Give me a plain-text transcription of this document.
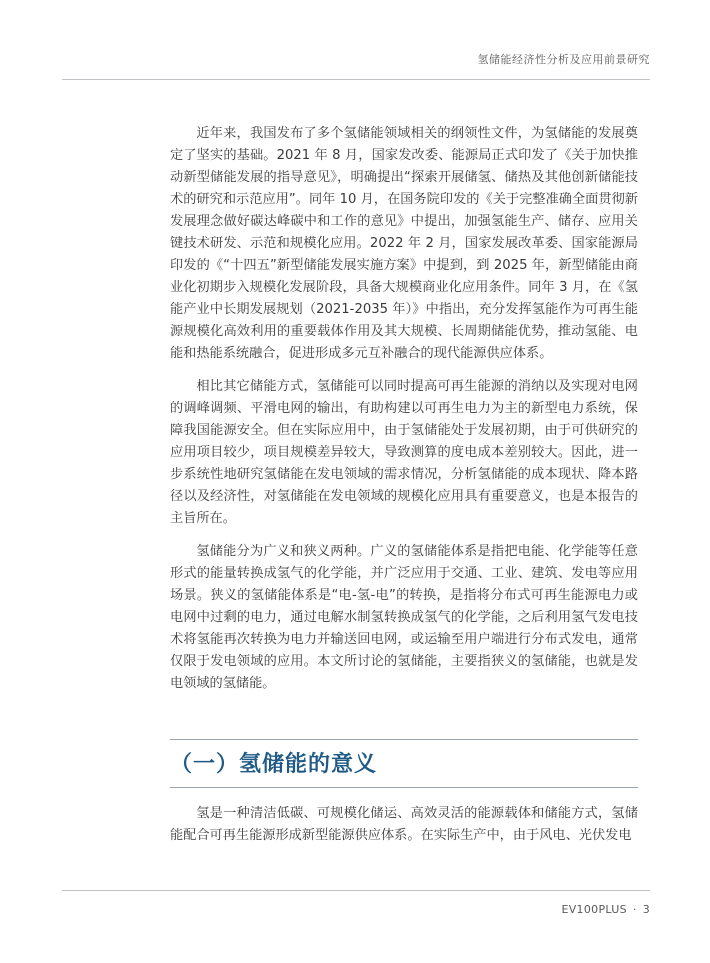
氢储能经济性分析及应用前景研究

近年来，我国发布了多个氢储能领域相关的纲领性文件，为氢储能的发展奠定了坚实的基础。2021 年 8 月，国家发改委、能源局正式印发了《关于加快推动新型储能发展的指导意见》，明确提出“探索开展储氢、储热及其他创新储能技术的研究和示范应用”。同年 10 月，在国务院印发的《关于完整准确全面贯彻新发展理念做好碳达峰碳中和工作的意见》中提出，加强氢能生产、储存、应用关键技术研发、示范和规模化应用。2022 年 2 月，国家发展改革委、国家能源局印发的《“十四五”新型储能发展实施方案》中提到，到 2025 年，新型储能由商业化初期步入规模化发展阶段，具备大规模商业化应用条件。同年 3 月，在《氢能产业中长期发展规划（2021-2035 年）》中指出，充分发挥氢能作为可再生能源规模化高效利用的重要载体作用及其大规模、长周期储能优势，推动氢能、电能和热能系统融合，促进形成多元互补融合的现代能源供应体系。

相比其它储能方式，氢储能可以同时提高可再生能源的消纳以及实现对电网的调峰调频、平滑电网的输出，有助构建以可再生电力为主的新型电力系统，保障我国能源安全。但在实际应用中，由于氢储能处于发展初期，由于可供研究的应用项目较少，项目规模差异较大，导致测算的度电成本差别较大。因此，进一步系统性地研究氢储能在发电领域的需求情况，分析氢储能的成本现状、降本路径以及经济性，对氢储能在发电领域的规模化应用具有重要意义，也是本报告的主旨所在。

氢储能分为广义和狭义两种。广义的氢储能体系是指把电能、化学能等任意形式的能量转换成氢气的化学能，并广泛应用于交通、工业、建筑、发电等应用场景。狭义的氢储能体系是“电-氢-电”的转换，是指将分布式可再生能源电力或电网中过剩的电力，通过电解水制氢转换成氢气的化学能，之后利用氢气发电技术将氢能再次转换为电力并输送回电网，或运输至用户端进行分布式发电，通常仅限于发电领域的应用。本文所讨论的氢储能，主要指狭义的氢储能，也就是发电领域的氢储能。

（一）氢储能的意义

氢是一种清洁低碳、可规模化储运、高效灵活的能源载体和储能方式，氢储能配合可再生能源形成新型能源供应体系。在实际生产中，由于风电、光伏发电

EV100PLUS · 3
